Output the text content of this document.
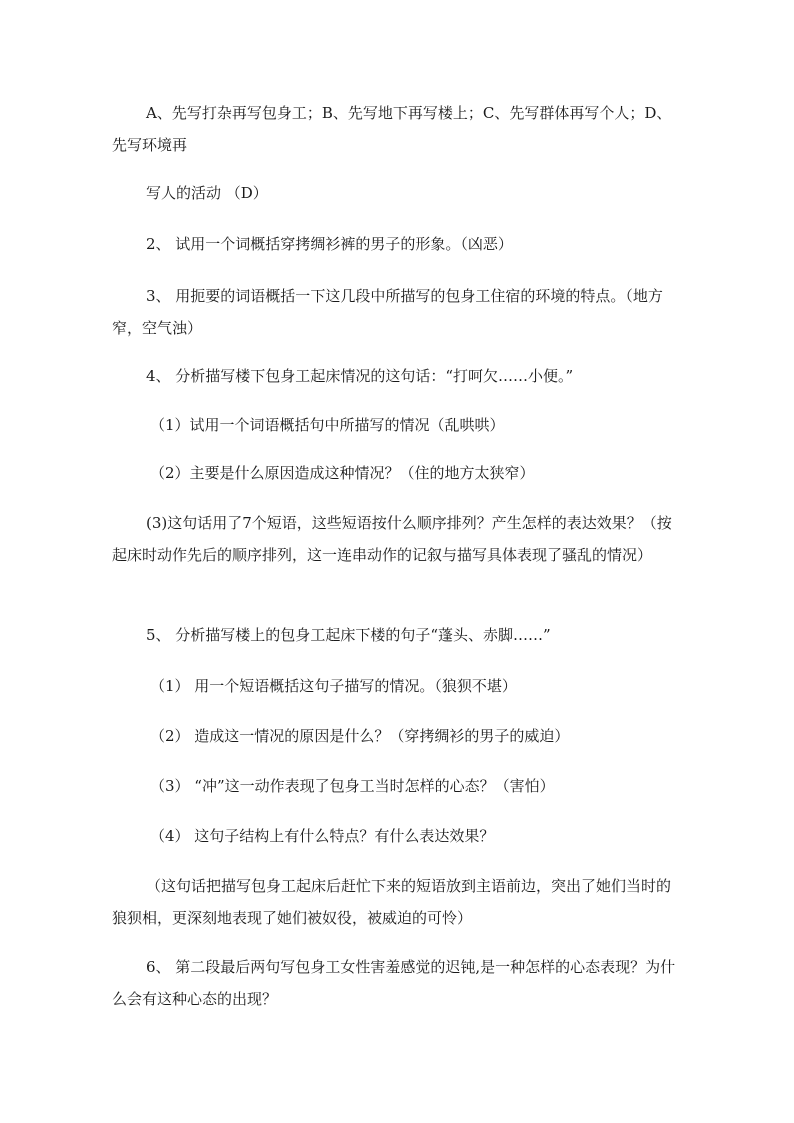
A、先写打杂再写包身工；B、先写地下再写楼上；C、先写群体再写个人；D、先写环境再

写人的活动 （D）

2、 试用一个词概括穿拷绸衫裤的男子的形象。（凶恶）

3、 用扼要的词语概括一下这几段中所描写的包身工住宿的环境的特点。（地方窄，空气浊）

4、 分析描写楼下包身工起床情况的这句话：“打呵欠……小便。”

（1）试用一个词语概括句中所描写的情况（乱哄哄）

（2）主要是什么原因造成这种情况？（住的地方太狭窄）

(3)这句话用了7个短语，这些短语按什么顺序排列？产生怎样的表达效果？（按起床时动作先后的顺序排列，这一连串动作的记叙与描写具体表现了骚乱的情况）

5、 分析描写楼上的包身工起床下楼的句子“蓬头、赤脚……”

（1） 用一个短语概括这句子描写的情况。（狼狈不堪）

（2） 造成这一情况的原因是什么？（穿拷绸衫的男子的威迫）

（3） “冲”这一动作表现了包身工当时怎样的心态？（害怕）

（4） 这句子结构上有什么特点？有什么表达效果？

（这句话把描写包身工起床后赶忙下来的短语放到主语前边，突出了她们当时的狼狈相，更深刻地表现了她们被奴役，被威迫的可怜）

6、 第二段最后两句写包身工女性害羞感觉的迟钝,是一种怎样的心态表现？为什么会有这种心态的出现？
